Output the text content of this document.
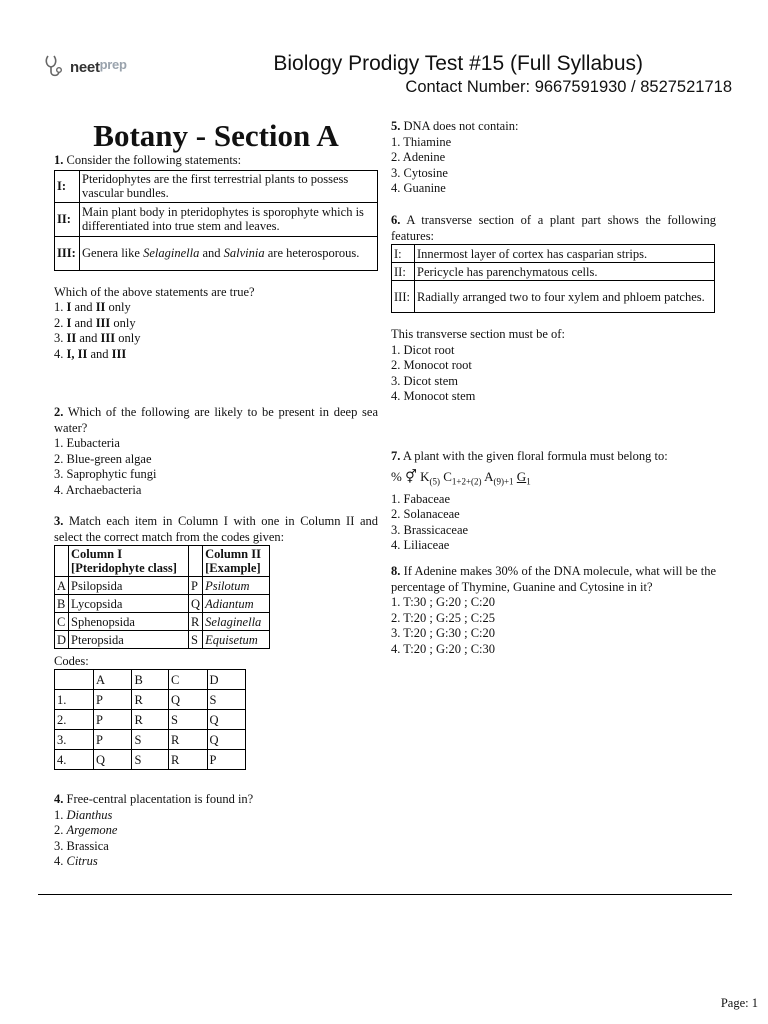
neetprep	Biology Prodigy Test #15 (Full Syllabus)
Contact Number: 9667591930 / 8527521718
Botany - Section A

1. Consider the following statements:

I:	Pteridophytes are the first terrestrial plants to possess vascular bundles.
II:	Main plant body in pteridophytes is sporophyte which is differentiated into true stem and leaves.
III:	Genera like Selaginella and Salvinia are heterosporous.

Which of the above statements are true?

1. I and II only

2. I and III only

3. II and III only

4. I, II and III

2. Which of the following are likely to be present in deep sea water?

1. Eubacteria

2. Blue-green algae

3. Saprophytic fungi

4. Archaebacteria

3. Match each item in Column I with one in Column II and select the correct match from the codes given:

	Column I
[Pteridophyte class]		Column II
[Example]
A	Psilopsida	P	Psilotum
B	Lycopsida	Q	Adiantum
C	Sphenopsida	R	Selaginella
D	Pteropsida	S	Equisetum
Codes:
	A	B	C	D
1.	P	R	Q	S
2.	P	R	S	Q
3.	P	S	R	Q
4.	Q	S	R	P

4. Free-central placentation is found in?

1. Dianthus

2. Argemone

3. Brassica

4. Citrus

5. DNA does not contain:

1. Thiamine

2. Adenine

3. Cytosine

4. Guanine

6. A transverse section of a plant part shows the following features:

I:	Innermost layer of cortex has casparian strips.
II:	Pericycle has parenchymatous cells.
III:	Radially arranged two to four xylem and phloem patches.

This transverse section must be of:

1. Dicot root

2. Monocot root

3. Dicot stem

4. Monocot stem

7. A plant with the given floral formula must belong to:

% ⚥ $K_{(5)}$ $C_{1+2+(2)}$ $A_{(9)+1}$ $G_1$

1. Fabaceae

2. Solanaceae

3. Brassicaceae

4. Liliaceae

8. If Adenine makes 30% of the DNA molecule, what will be the percentage of Thymine, Guanine and Cytosine in it?

1. T:30 ; G:20 ; C:20

2. T:20 ; G:25 ; C:25

3. T:20 ; G:30 ; C:20

4. T:20 ; G:20 ; C:30

Page: 1
